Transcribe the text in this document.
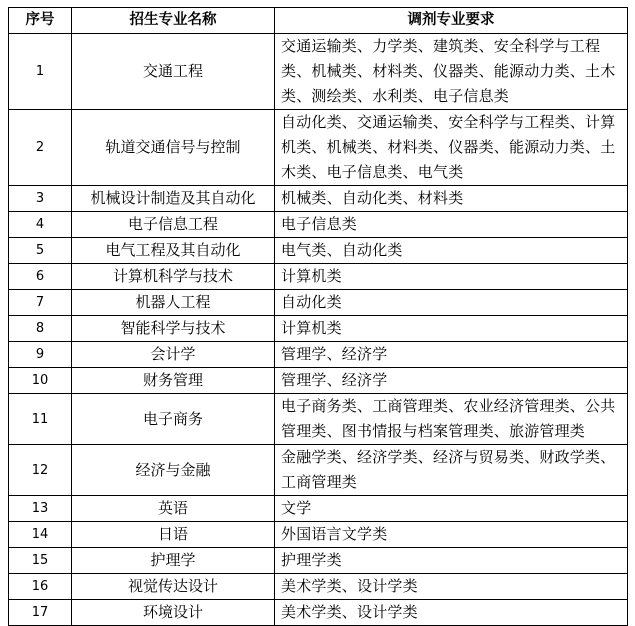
序号	招生专业名称	调剂专业要求
1	交通工程	交通运输类、力学类、建筑类、安全科学与工程类、机械类、材料类、仪器类、能源动力类、土木类、测绘类、水利类、电子信息类
2	轨道交通信号与控制	自动化类、交通运输类、安全科学与工程类、计算机类、机械类、材料类、仪器类、能源动力类、土木类、电子信息类、电气类
3	机械设计制造及其自动化	机械类、自动化类、材料类
4	电子信息工程	电子信息类
5	电气工程及其自动化	电气类、自动化类
6	计算机科学与技术	计算机类
7	机器人工程	自动化类
8	智能科学与技术	计算机类
9	会计学	管理学、经济学
10	财务管理	管理学、经济学
11	电子商务	电子商务类、工商管理类、农业经济管理类、公共管理类、图书情报与档案管理类、旅游管理类
12	经济与金融	金融学类、经济学类、经济与贸易类、财政学类、工商管理类
13	英语	文学
14	日语	外国语言文学类
15	护理学	护理学类
16	视觉传达设计	美术学类、设计学类
17	环境设计	美术学类、设计学类
